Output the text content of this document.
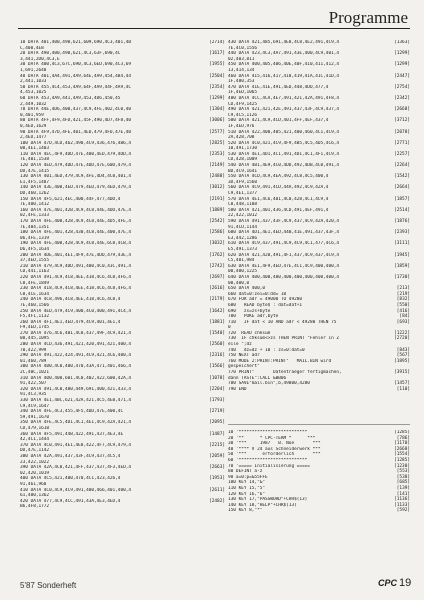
Programme
10 DATA 401,400,490,621,609,690,4C3,401,4B	[2714]
C,400,4E8
20 DATA 490,400,490,621,4C3,63F,690,4C	[1617]
3,441,2D0,4C3,E
30 DATA 400,4C3,67C,690,4C3,6ED,690,4C3,69	[1955]
1,691,2640
40 DATA 401,4A4,491,4A9,64E,4A9,454,4B4,44	[2504]
2,441,1033
50 DATA 455,4C4,453,4A9,64F,4A9,44F,4A9,4C	[2354]
4,453,1025
60 DATA 453,4A9,441,4A9,453,4D6,450,45	[1299]
2,449,1032
70 DATA 44E,4D6,400,437,4C9,4FE,402,4C0,40	[1304]
0,401,959
80 DATA 4FF,4F9,4FD,421,45F,490,4D7,4F8,40	[3006]
0,4ED,1629
90 DATA 4F9,47D,4FE,401,4ED,479,4FD,47E,40	[2577]
2,4ED,1477
100 DATA 47D,4CD,462,490,4C9,436,476,4B6,4	[2825]
00,4E1,1403
110 DATA 4EC,4F9,4DD,47E,400,4ED,479,4DD,4	[2353]
7E,401,1538
120 DATA 4ED,479,4DD,47E,4DD,47E,60D,479,4	[2149]
DD,47E,1415
130 DATA 401,4ED,479,4C9,4FE,4D4,4C0,401,4	[2488]
E1,4F5,1487
140 DATA 43E,400,4ED,479,4ED,479,4ED,479,4	[3012]
DD,460,1262
150 DATA 4F5,621,4EC,400,44F,477,4DD,4	[2191]
7E,400,1412
160 DATA 47E,401,42B,4C9,4C8,44E,4DD,47E,4	[1889]
02,4FE,1333
170 DATA 4FE,400,428,4C9,4C8,44E,4D5,4FE,4	[2542]
7E,404,1351
180 DATA 4FE,401,428,430,4C8,44E,400,47E,4	[2586]
06,4FE,1319
190 DATA 4FE,400,428,4C9,4C8,44E,6C8,4CB,4	[3032]
D6,4F5,1634
200 DATA 4DE,401,4E1,4F9,47E,4DD,479,43E,4	[1762]
37,4ED,1555
210 DATA 479,4C9,4DD,491,400,4C0,43C,491,4	[2742]
CD,441,1163
220 DATA 491,4C9,4C8,4EE,418,4C6,4C8,4F6,4	[2697]
C8,4FE,1849
230 DATA 418,4C9,4C8,4EE,418,4C6,4C8,4F6,4	[2616]
C8,4CE,1634
240 DATA 4C8,496,4C8,4EE,418,4C6,4C8,4	[2179]
7E,460,1566
250 DATA 4ED,479,4C9,400,4C0,400,491,4C4,4	[1642]
F5,4F1,1132
260 DATA 4F1,4E1,4ED,479,4C9,401,4E1,4	[1881]
F9,4ED,1745
270 DATA 476,4C6,401,4C8,437,49F,4C9,421,4	[1540]
00,445,1095
280 DATA 4CD,436,491,421,420,491,421,400,4	[2560]
70,422,999
290 DATA 491,422,424,491,4C9,421,4C6,400,4	[2316]
01,460,789
300 DATA 400,4C0,400,470,43A,471,401,466,4	[1566]
2C,40C,1021
310 DATA 400,400,601,4C0,402,422,600,42A,4	[1078]
91,422,507
320 DATA 491,4C0,400,449,691,400,421,433,4	[2204]
91,4C3,935
330 DATA 4E1,4BC,621,42A,421,4C5,4EB,471,4	[1793]
C9,4C9,1647
340 DATA 4FE,4C3,455,4F5,4DD,47E,400,4C	[2719]
59,491,1670
350 DATA 4FE,4C5,4D1,4C1,4E1,4C9,42A,421,4	[2095]
CD,479,1618
360 DATA 4F5,491,44B,422,491,437,4E3,4E	[1487]
42,4C1,1444
370 DATA 4C0,491,4E1,4E8,422,4F7,4C9,479,4	[2215]
DD,47E,1142
380 DATA 42A,491,437,43F,4C9,437,4C5,4	[2059]
23,422,1022
390 DATA 42A,4C0,421,4FF,437,437,4F3,4ED,4	[2663]
02,420,1019
400 DATA 4C5,421,400,470,4C1,423,426,4	[1953]
91,461,960
410 DATA 4C0,4C9,4C9,491,400,466,401,400,4	[2611]
61,400,1362
420 DATA 477,4C9,4CC,491,43A,4E3,4ED,4	[2482]
B6,4F8,1772
430 DATA 421,485,691,4E8,4C8,4E2,491,4C9,4	[1363]
7E,4C0,1556
440 DATA 423,4C3,4A7,491,43E,400,4C9,401,4	[1299]
02,403,811
450 DATA 400,405,406,40E,40F,410,411,412,4	[1299]
13,414,134
460 DATA 415,416,417,418,419,41A,41C,41D,4	[2447]
1F,480,353
470 DATA 41E,41E,491,4ED,448,4DD,477,4	[2754]
1F,4ED,1065
480 DATA 4CC,4CA,4E7,491,421,42A,491,4F8,4	[2342]
CD,4F9,1425
490 DATA 421,421,42E,491,437,43F,4C9,437,4	[2668]
C9,4C5,1126
500 DATA 421,4C9,4CD,401,4FF,4EF,437,4	[3712]
1F,4ED,976
510 DATA 422,400,405,421,400,460,4C1,4C9,4	[2078]
2A,428,708
520 DATA 4C0,421,4C9,4F9,4B5,4C5,4D5,4C6,4	[2771]
10,491,1730
530 DATA 4E1,4D1,4C1,491,4D1,4C1,4F1,4C9,4	[2257]
CD,428,1009
540 DATA 4B1,4E9,4C0,4DD,492,4DB,4C0,491,4	[2264]
BD,4C9,1641
550 DATA 4CD,4C9,4EA,492,4C8,4C5,400,4	[1542]
3D,4F9,1560
560 DATA 4C9,491,4CD,44A,492,4C9,42A,4	[2664]
C9,4E1,1377
570 DATA 4E1,4C6,401,4C0,428,4C1,4C9,4	[1857]
C0,448,1188
580 DATA 421,401,436,4CD,491,4EF,491,4	[2514]
22,422,1012
590 DATA 491,437,43F,4C9,437,4C9,42A,420,4	[1876]
91,4CD,1144
600 DATA 4D1,4E1,4ED,44B,41E,491,437,43F,4	[2393]
E3,442,1286
610 DATA 4C9,437,491,4C9,4C9,4C1,477,4C6,4	[3111]
E5,491,1373
620 DATA 421,420,491,4F1,437,4C9,437,4C9,4	[1945]
C5,401,984
630 DATA 4E1,4F9,4ED,47E,4C1,4C9,400,400,4	[1859]
00,400,1225
640 DATA 400,400,400,400,400,400,400,400,4	[1730]
00,400,0
650 DATA 400,0	[213]
660 dat=0:zei=0:dd= 10	[219]
670 FOR adr = 49000 TO 49280	[832]
680   READ byte$ : dat=dat+1	[550]
690   zs=zs+byte	[416]
700   POKE adr,byte	[84]
710   IF dat < 10 AND adr < 49280 THEN 75	[693]
0
720  READ chksum	[1222]
730  IF chksum<>zs THEN PRINT "Fehler in Z	[2720]
eile ";dz
740   dz=dz + 10 : zs=0:dat=0	[843]
750 NEXT adr	[567]
760 MODE 2:PRINT:PRINT"   MAIL.BIN wird	[1895]
gespeichert"
770 PRINT"       Datentraeger fertigmachen,	[3915]
dann TASTE":CALL &BB06
780 SAVE"mail.bin",b,49000,4280	[1457]
790 END	[110]
10 '**************************	[1285]
20 '**      * CPC-TERM *      ***	[786]
30 '***     1987   B. Noe       ***	[1170]
40 '**** V 24 aus Schneiderwerk ***	[2668]
50 '***      erforderlich       ***	[1554]
60 '**************************	[1285]
70 '===== Initialisierung =====	[1230]
80 DEFINT a-z	[553]
90 a=0:p=&55FFE	[538]
100 KEY 14,"&"	[685]
110 KEY 15,"5"	[139]
120 KEY 16,"6"	[141]
130 KEY 17,"PASSWORD"+CHR$(13)	[1136]
140 KEY 18,"HELP"+CHR$(13)	[1133]
150 KEY 8,"*"	[592]
5'87 Sonderheft	CPC 19
